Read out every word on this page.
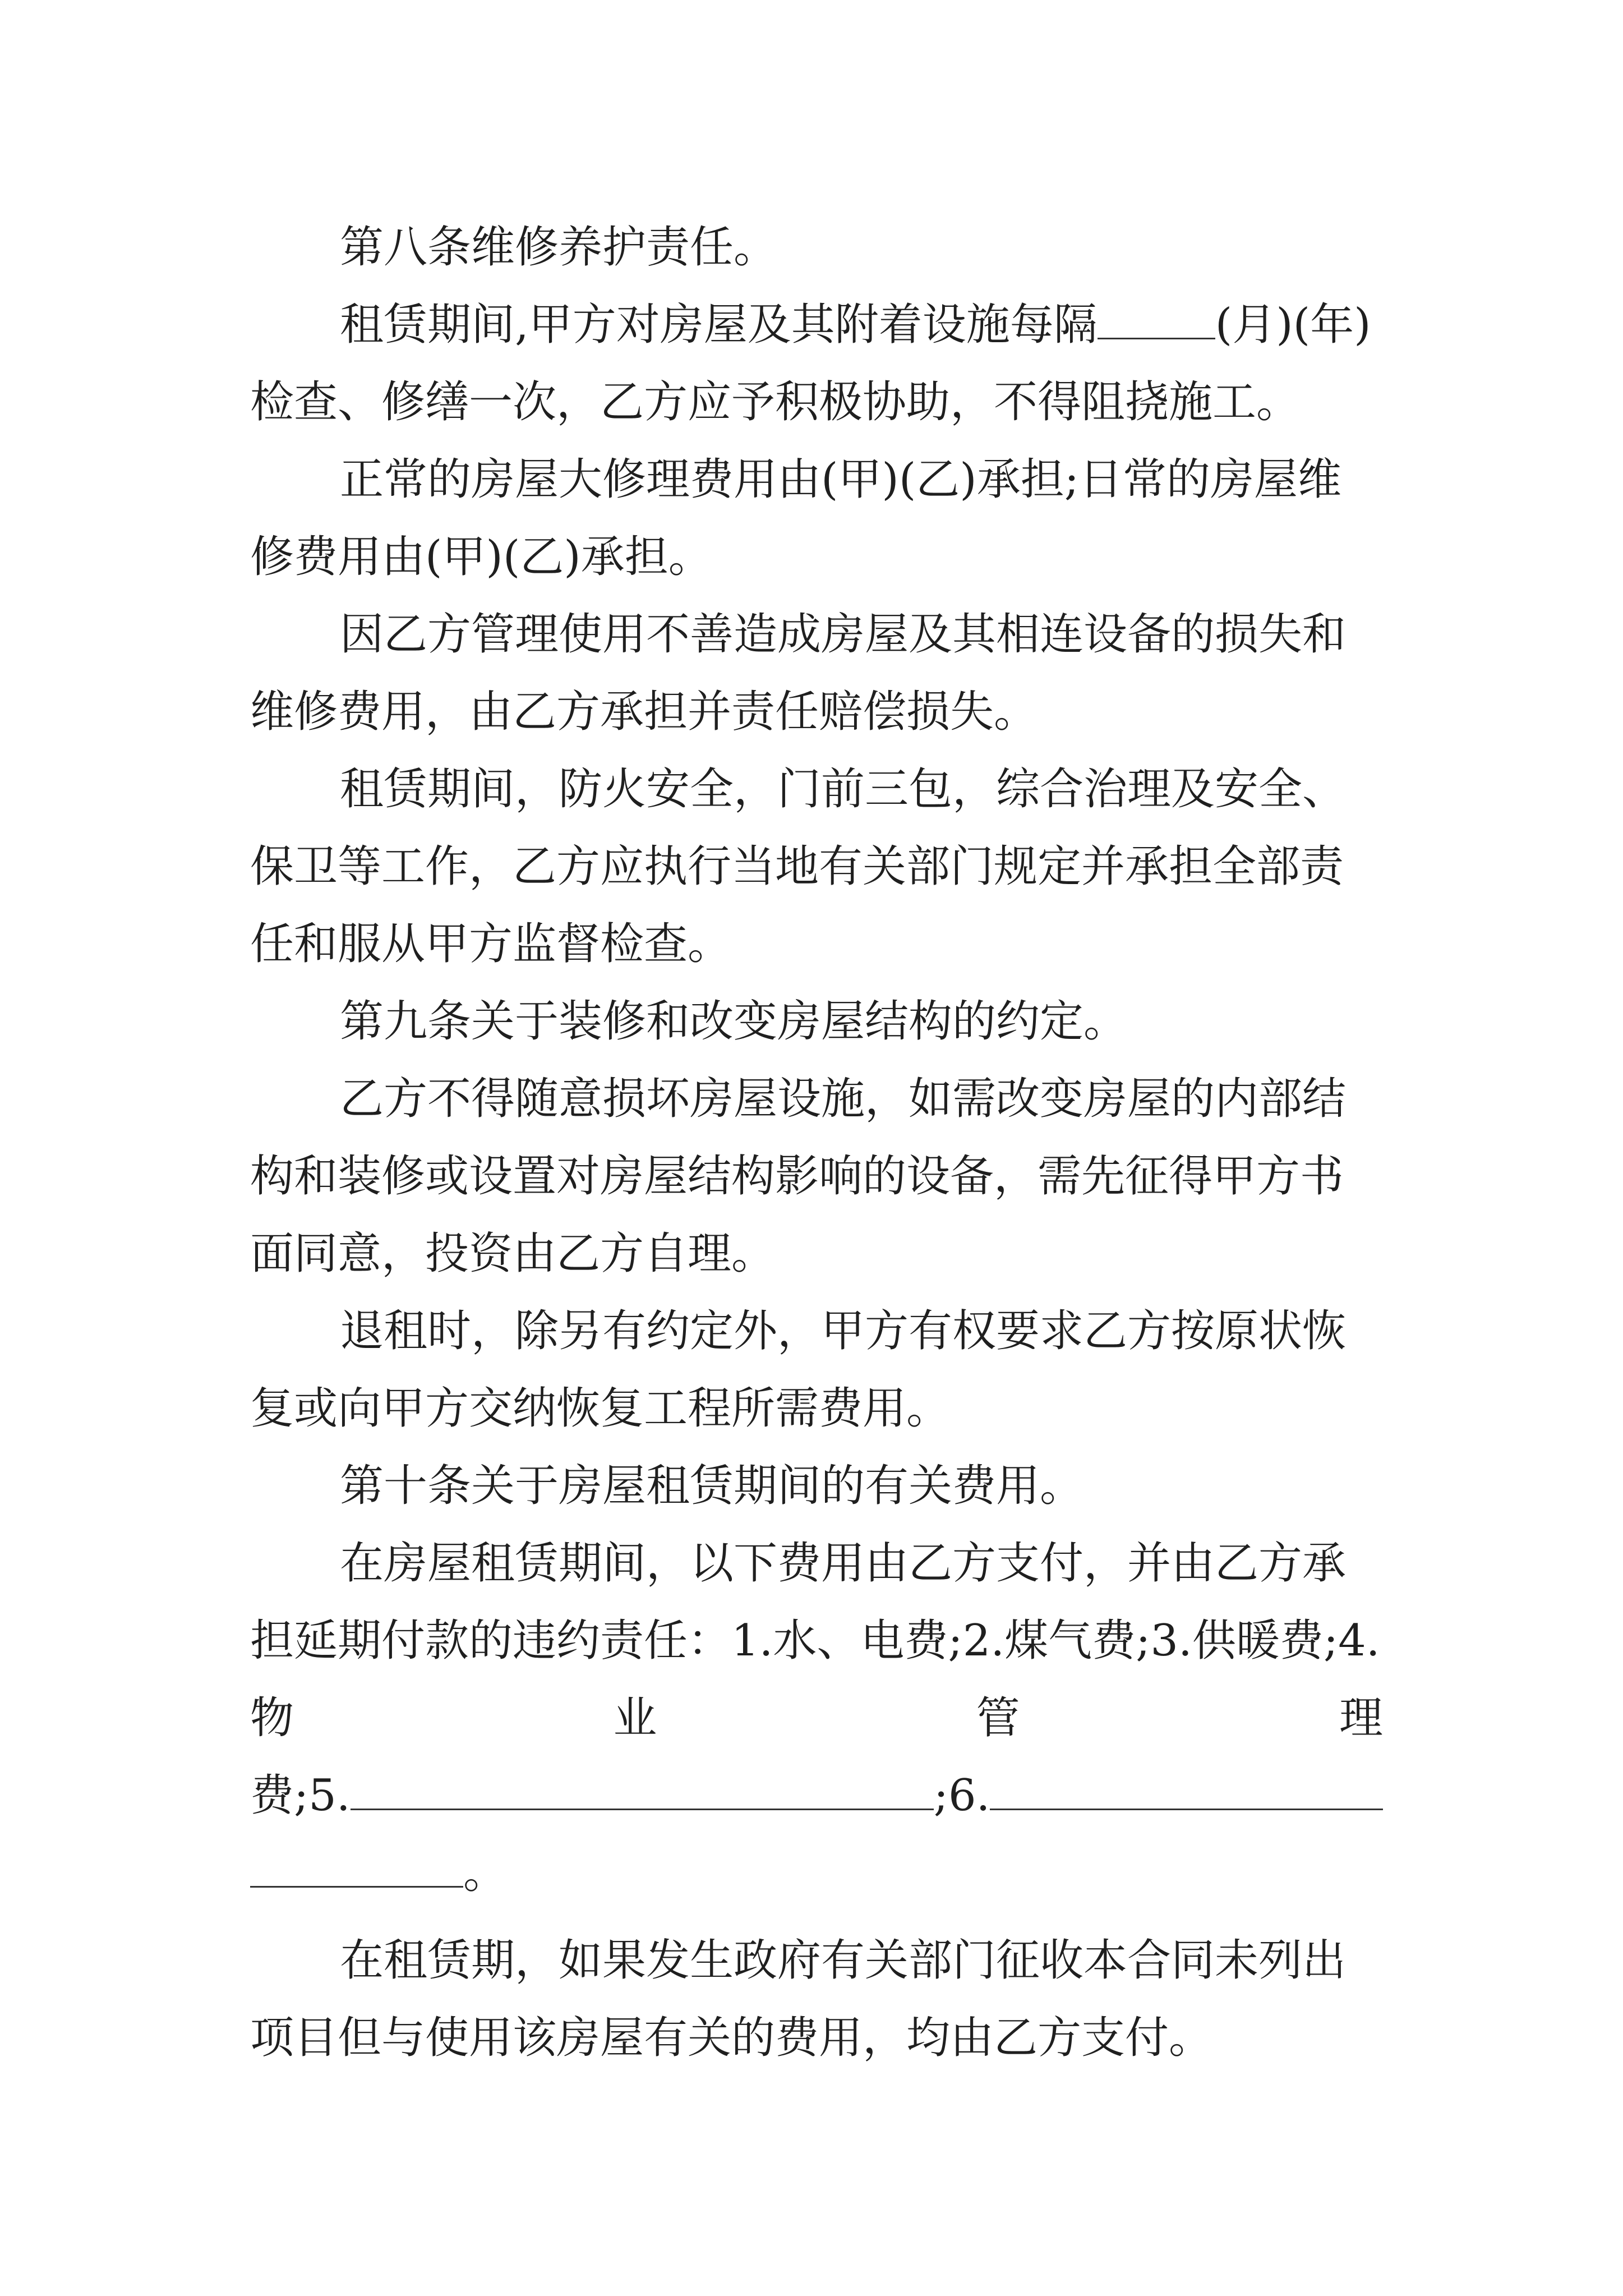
第八条维修养护责任。

租赁期间,甲方对房屋及其附着设施每隔	(月)(年)检查、修缮一次，乙方应予积极协助，不得阻挠施工。

正常的房屋大修理费用由(甲)(乙)承担;日常的房屋维修费用由(甲)(乙)承担。

因乙方管理使用不善造成房屋及其相连设备的损失和维修费用，由乙方承担并责任赔偿损失。

租赁期间，防火安全，门前三包，综合治理及安全、保卫等工作，乙方应执行当地有关部门规定并承担全部责任和服从甲方监督检查。

第九条关于装修和改变房屋结构的约定。

乙方不得随意损坏房屋设施，如需改变房屋的内部结构和装修或设置对房屋结构影响的设备，需先征得甲方书面同意，投资由乙方自理。

退租时，除另有约定外，甲方有权要求乙方按原状恢复或向甲方交纳恢复工程所需费用。

第十条关于房屋租赁期间的有关费用。

在房屋租赁期间，以下费用由乙方支付，并由乙方承担延期付款的违约责任：1.水、电费;2.煤气费;3.供暖费;4.

物	业	管	理

费;5.	;6.

。

在租赁期，如果发生政府有关部门征收本合同未列出项目但与使用该房屋有关的费用，均由乙方支付。
